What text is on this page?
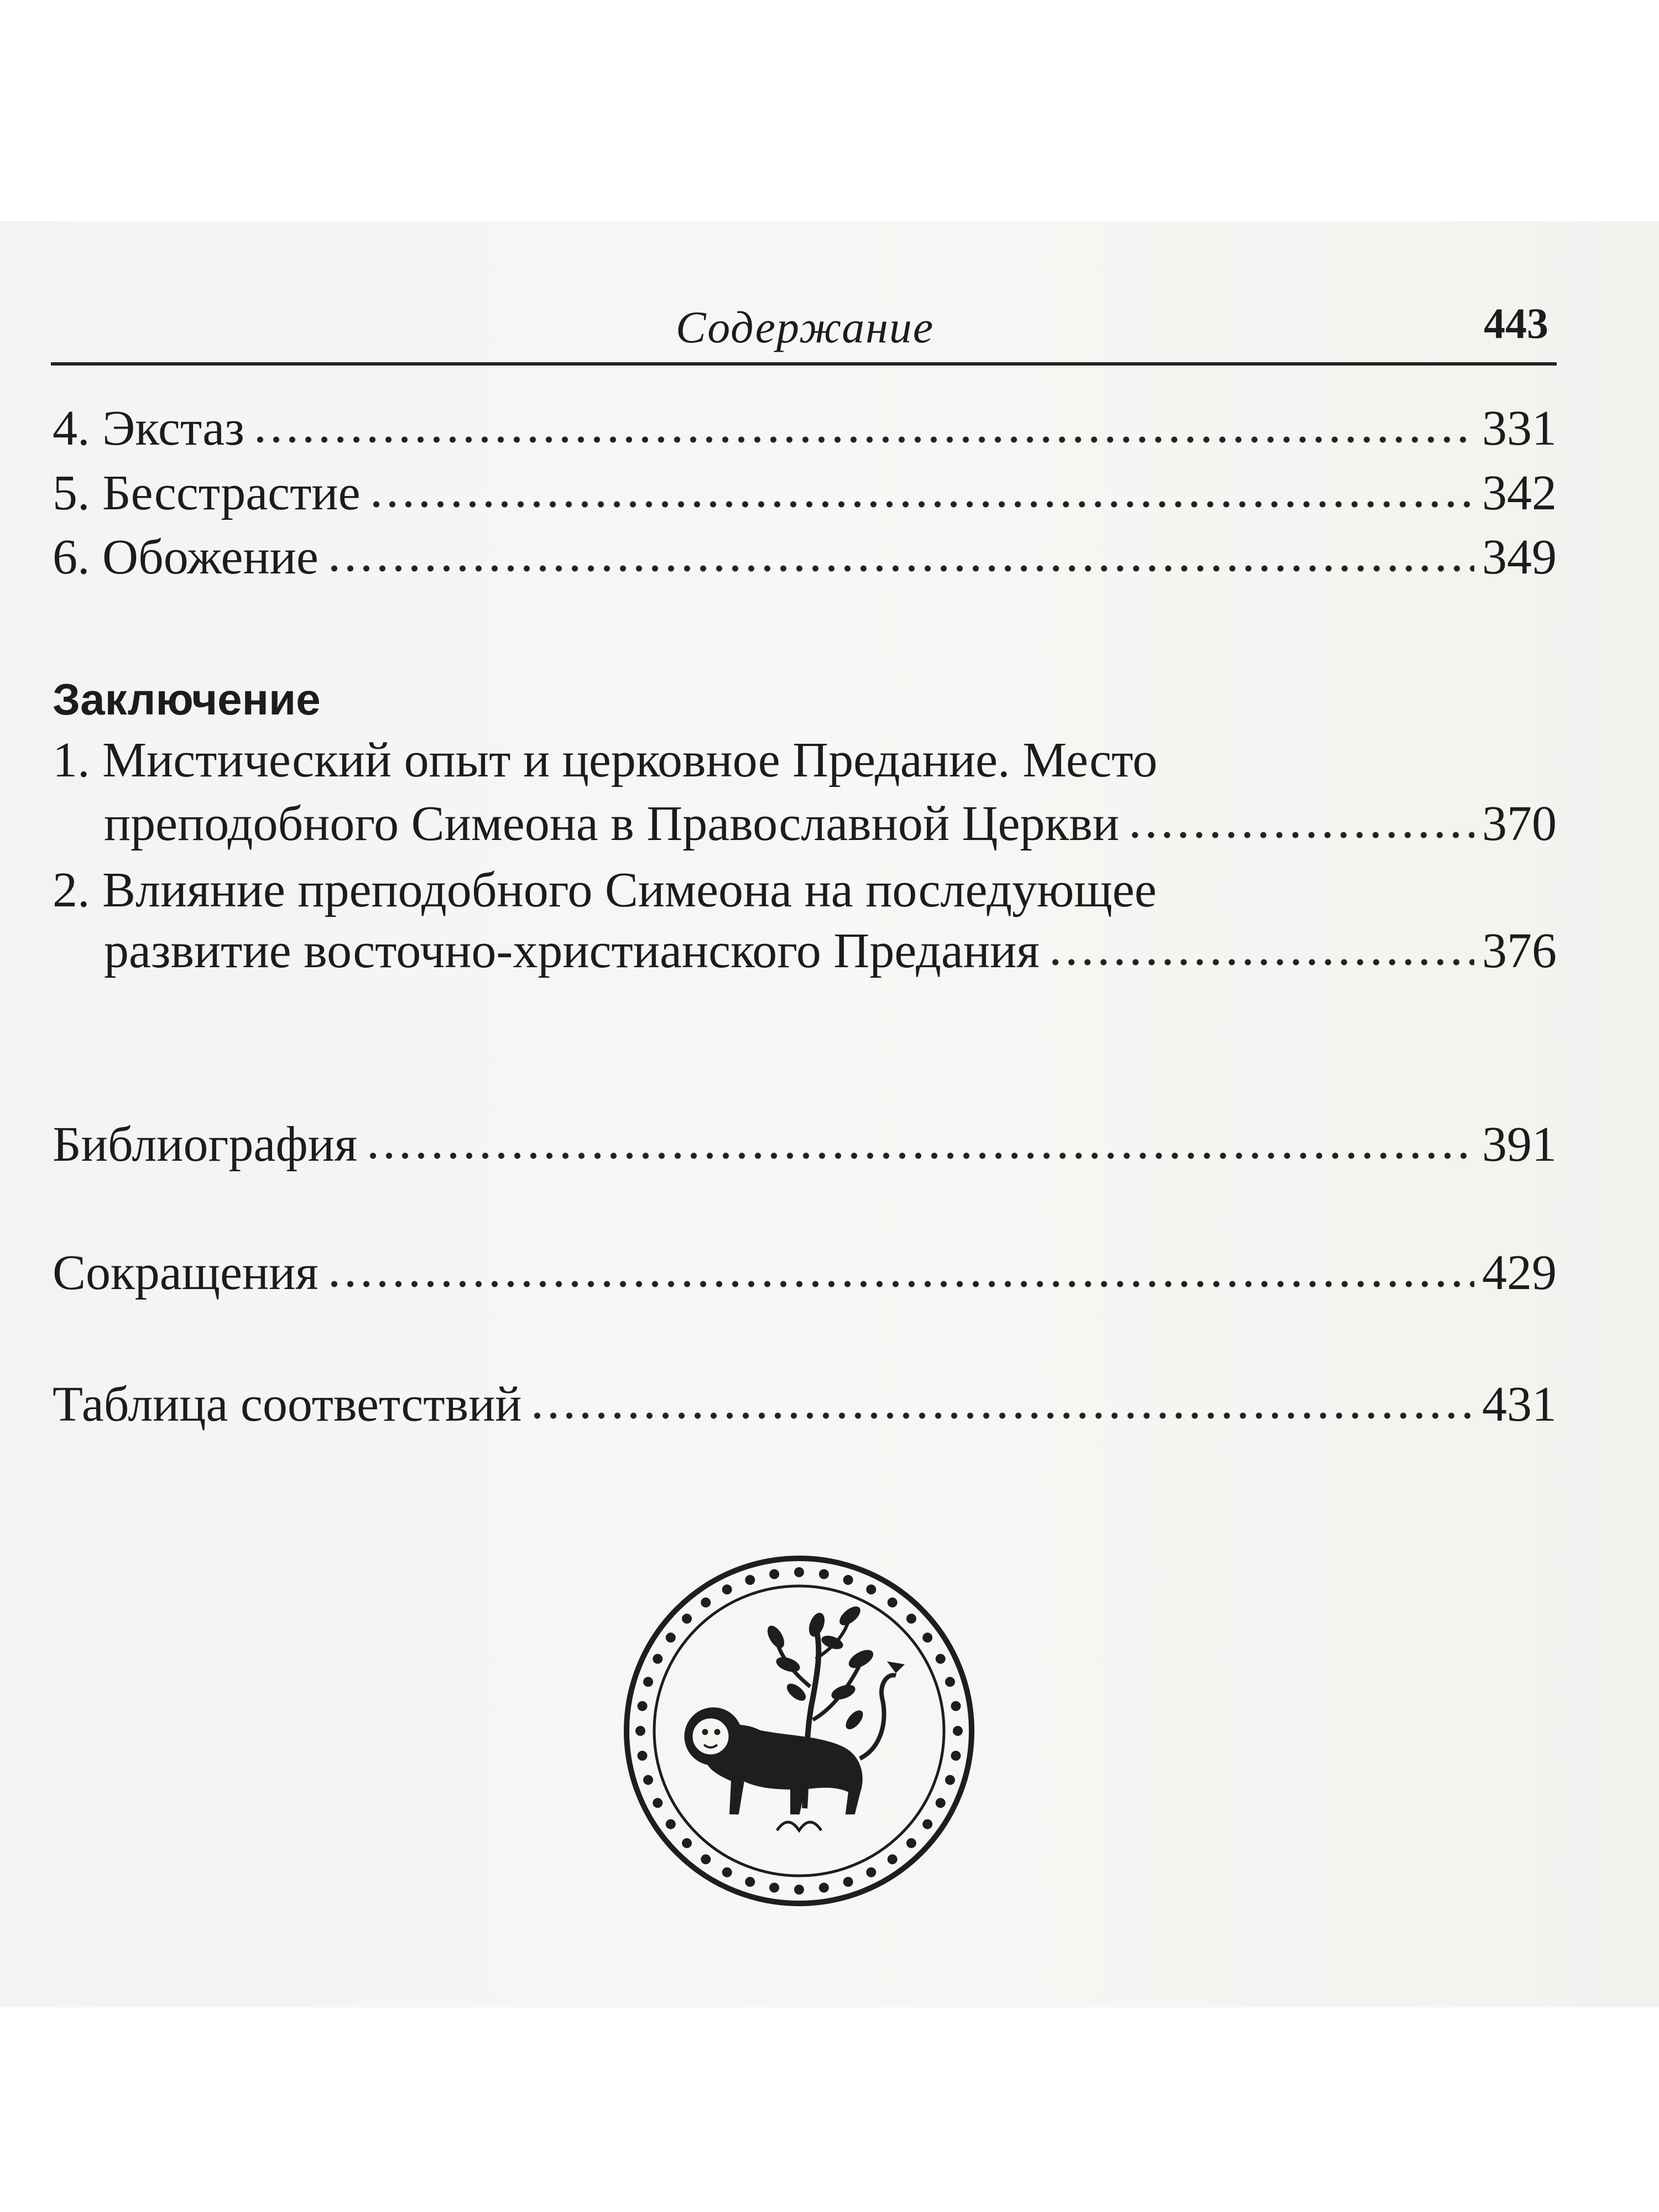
Содержание	443
4. Экстаз	331
5. Бесстрастие	342
6. Обожение	349
Заключение
1. Мистический опыт и церковное Предание. Место
преподобного Симеона в Православной Церкви	370
2. Влияние преподобного Симеона на последующее
развитие восточно-христианского Предания	376
Библиография	391
Сокращения	429
Таблица соответствий	431
